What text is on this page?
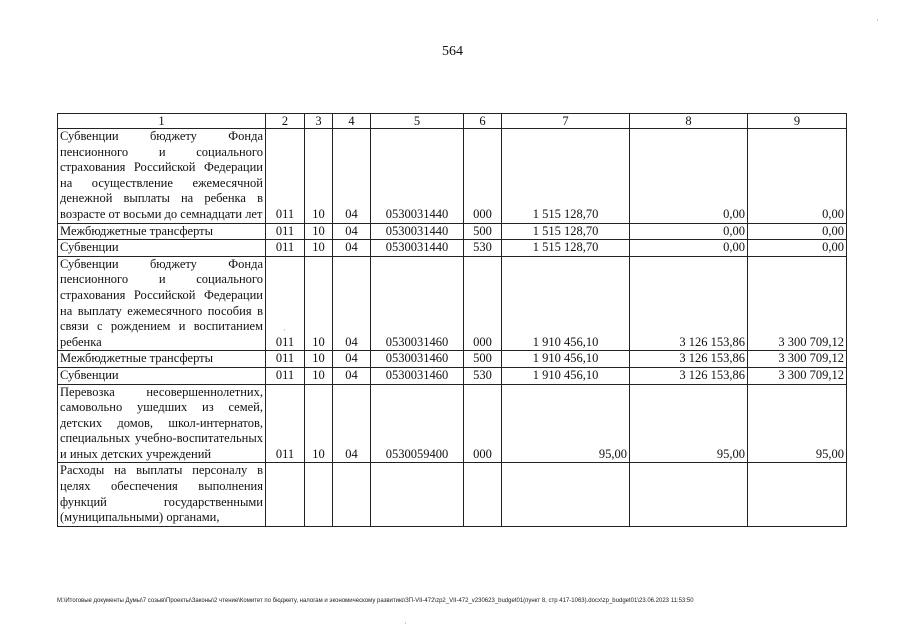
564
1	2	3	4	5	6	7	8	9
Субвенции бюджету Фонда пенсионного и социального страхования Российской Федерации на осуществление ежемесячной денежной выплаты на ребенка в возрасте от восьми до семнадцати лет	011	10	04	0530031440	000	1 515 128,70	0,00	0,00
Межбюджетные трансферты	011	10	04	0530031440	500	1 515 128,70	0,00	0,00
Субвенции	011	10	04	0530031440	530	1 515 128,70	0,00	0,00
Субвенции бюджету Фонда пенсионного и социального страхования Российской Федерации на выплату ежемесячного пособия в связи с рождением и воспитанием ребенка	011	10	04	0530031460	000	1 910 456,10	3 126 153,86	3 300 709,12
Межбюджетные трансферты	011	10	04	0530031460	500	1 910 456,10	3 126 153,86	3 300 709,12
Субвенции	011	10	04	0530031460	530	1 910 456,10	3 126 153,86	3 300 709,12
Перевозка несовершеннолетних, самовольно ушедших из семей, детских домов, школ-интернатов, специальных учебно-воспитательных и иных детских учреждений	011	10	04	0530059400	000	95,00	95,00	95,00
Расходы на выплаты персоналу в целях обеспечения выполнения функций государственными (муниципальными) органами,								
M:\Итоговые документы Думы\7 созыв\Проекты\Законы\2 чтение\Комитет по бюджету, налогам и экономическому развитию\ЗП-VII-472\zp2_VII-472_v230623_budget01(пункт 8, стр 417-1063).docx\zp_budget01\23.06.2023 11:53:50
·
·
·
